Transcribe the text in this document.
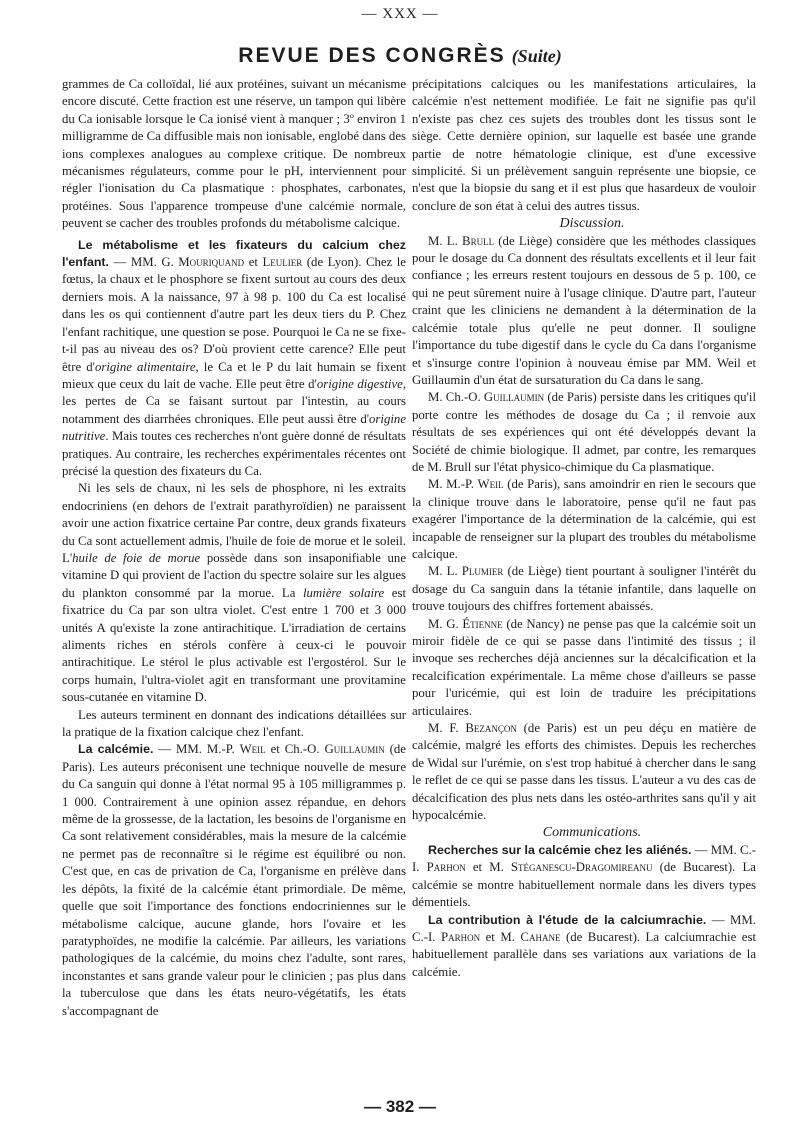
— XXX —
REVUE DES CONGRÈS (Suite)

grammes de Ca colloïdal, lié aux protéines, suivant un mécanisme encore discuté. Cette fraction est une réserve, un tampon qui libère du Ca ionisable lorsque le Ca ionisé vient à manquer ; 3º environ 1 milligramme de Ca diffusible mais non ionisable, englobé dans des ions complexes analogues au complexe critique. De nombreux mécanismes régulateurs, comme pour le pH, interviennent pour régler l'ionisation du Ca plasmatique : phosphates, carbonates, protéines. Sous l'apparence trompeuse d'une calcémie normale, peuvent se cacher des troubles profonds du métabolisme calcique.

Le métabolisme et les fixateurs du calcium chez l'enfant. — MM. G. Mouriquand et Leulier (de Lyon). Chez le fœtus, la chaux et le phosphore se fixent surtout au cours des deux derniers mois. A la naissance, 97 à 98 p. 100 du Ca est localisé dans les os qui contiennent d'autre part les deux tiers du P. Chez l'enfant rachitique, une question se pose. Pourquoi le Ca ne se fixe-t-il pas au niveau des os? D'où provient cette carence? Elle peut être d'origine alimentaire, le Ca et le P du lait humain se fixent mieux que ceux du lait de vache. Elle peut être d'origine digestive, les pertes de Ca se faisant surtout par l'intestin, au cours notamment des diarrhées chroniques. Elle peut aussi être d'origine nutritive. Mais toutes ces recherches n'ont guère donné de résultats pratiques. Au contraire, les recherches expérimentales récentes ont précisé la question des fixateurs du Ca.

Ni les sels de chaux, ni les sels de phosphore, ni les extraits endocriniens (en dehors de l'extrait parathyroïdien) ne paraissent avoir une action fixatrice certaine Par contre, deux grands fixateurs du Ca sont actuellement admis, l'huile de foie de morue et le soleil. L'huile de foie de morue possède dans son insaponifiable une vitamine D qui provient de l'action du spectre solaire sur les algues du plankton consommé par la morue. La lumière solaire est fixatrice du Ca par son ultra violet. C'est entre 1 700 et 3 000 unités A qu'existe la zone antirachitique. L'irradiation de certains aliments riches en stérols confère à ceux-ci le pouvoir antirachitique. Le stérol le plus activable est l'ergostérol. Sur le corps humain, l'ultra-violet agit en transformant une provitamine sous-cutanée en vitamine D.

Les auteurs terminent en donnant des indications détaillées sur la pratique de la fixation calcique chez l'enfant.

La calcémie. — MM. M.-P. Weil et Ch.-O. Guillaumin (de Paris). Les auteurs préconisent une technique nouvelle de mesure du Ca sanguin qui donne à l'état normal 95 à 105 milligrammes p. 1 000. Contrairement à une opinion assez répandue, en dehors même de la grossesse, de la lactation, les besoins de l'organisme en Ca sont relativement considérables, mais la mesure de la calcémie ne permet pas de reconnaître si le régime est équilibré ou non. C'est que, en cas de privation de Ca, l'organisme en prélève dans les dépôts, la fixité de la calcémie étant primordiale. De même, quelle que soit l'importance des fonctions endocriniennes sur le métabolisme calcique, aucune glande, hors l'ovaire et les paratyphoïdes, ne modifie la calcémie. Par ailleurs, les variations pathologiques de la calcémie, du moins chez l'adulte, sont rares, inconstantes et sans grande valeur pour le clinicien ; pas plus dans la tuberculose que dans les états neuro-végétatifs, les états s'accompagnant de

précipitations calciques ou les manifestations articulaires, la calcémie n'est nettement modifiée. Le fait ne signifie pas qu'il n'existe pas chez ces sujets des troubles dont les tissus sont le siège. Cette dernière opinion, sur laquelle est basée une grande partie de notre hématologie clinique, est d'une excessive simplicité. Si un prélèvement sanguin représente une biopsie, ce n'est que la biopsie du sang et il est plus que hasardeux de vouloir conclure de son état à celui des autres tissus.

Discussion.

M. L. Brull (de Liège) considère que les méthodes classiques pour le dosage du Ca donnent des résultats excellents et il leur fait confiance ; les erreurs restent toujours en dessous de 5 p. 100, ce qui ne peut sûrement nuire à l'usage clinique. D'autre part, l'auteur craint que les cliniciens ne demandent à la détermination de la calcémie totale plus qu'elle ne peut donner. Il souligne l'importance du tube digestif dans le cycle du Ca dans l'organisme et s'insurge contre l'opinion à nouveau émise par MM. Weil et Guillaumin d'un état de sursaturation du Ca dans le sang.

M. Ch.-O. Guillaumin (de Paris) persiste dans les critiques qu'il porte contre les méthodes de dosage du Ca ; il renvoie aux résultats de ses expériences qui ont été développés devant la Société de chimie biologique. Il admet, par contre, les remarques de M. Brull sur l'état physico-chimique du Ca plasmatique.

M. M.-P. Weil (de Paris), sans amoindrir en rien le secours que la clinique trouve dans le laboratoire, pense qu'il ne faut pas exagérer l'importance de la détermination de la calcémie, qui est incapable de renseigner sur la plupart des troubles du métabolisme calcique.

M. L. Plumier (de Liège) tient pourtant à souligner l'intérêt du dosage du Ca sanguin dans la tétanie infantile, dans laquelle on trouve toujours des chiffres fortement abaissés.

M. G. Étienne (de Nancy) ne pense pas que la calcémie soit un miroir fidèle de ce qui se passe dans l'intimité des tissus ; il invoque ses recherches déjà anciennes sur la décalcification et la recalcification expérimentale. La même chose d'ailleurs se passe pour l'uricémie, qui est loin de traduire les précipitations articulaires.

M. F. Bezançon (de Paris) est un peu déçu en matière de calcémie, malgré les efforts des chimistes. Depuis les recherches de Widal sur l'urémie, on s'est trop habitué à chercher dans le sang le reflet de ce qui se passe dans les tissus. L'auteur a vu des cas de décalcification des plus nets dans les ostéo-arthrites sans qu'il y ait hypocalcémie.

Communications.

Recherches sur la calcémie chez les aliénés. — MM. C.-I. Parhon et M. Stéganescu-Dragomireanu (de Bucarest). La calcémie se montre habituellement normale dans les divers types démentiels.

La contribution à l'étude de la calciumrachie. — MM. C.-I. Parhon et M. Cahane (de Bucarest). La calciumrachie est habituellement parallèle dans ses variations aux variations de la calcémie.

— 382 —
